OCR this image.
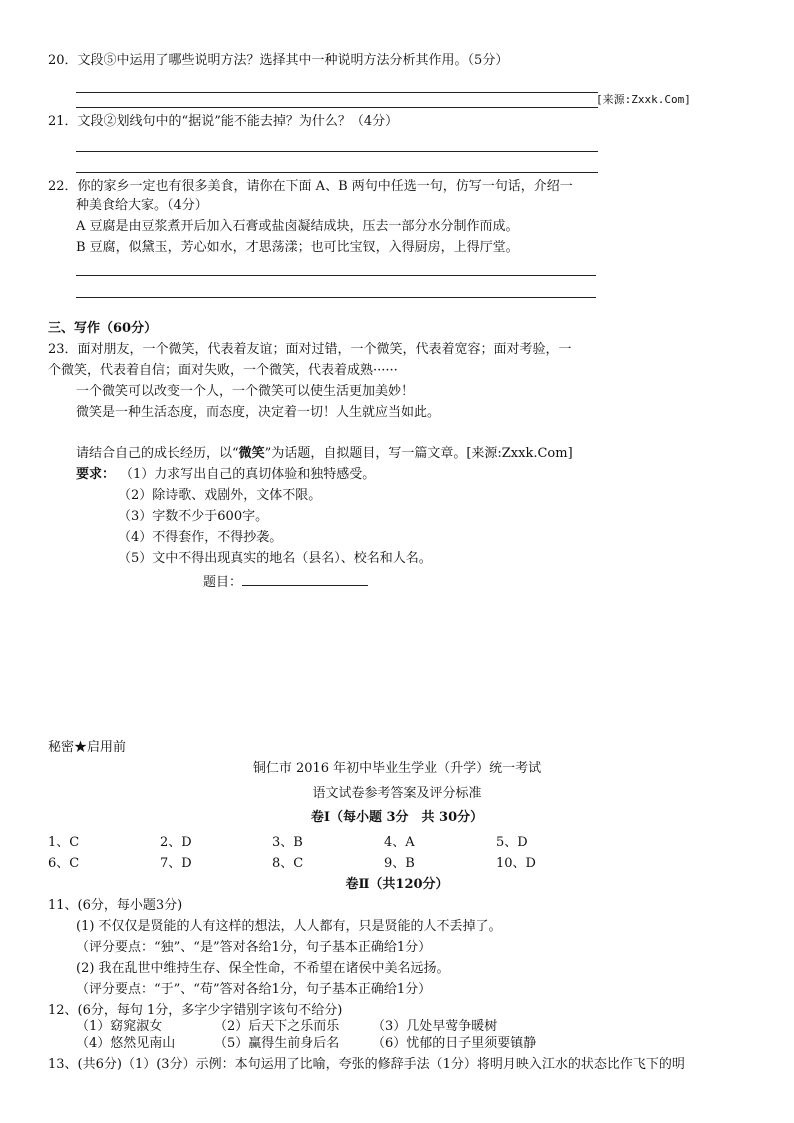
20．文段⑤中运用了哪些说明方法？选择其中一种说明方法分析其作用。（5分）
[来源:Zxxk.Com]
21．文段②划线句中的“据说”能不能去掉？为什么？（4分）
22．你的家乡一定也有很多美食，请你在下面 A、B 两句中任选一句，仿写一句话，介绍一
种美食给大家。（4分）
A 豆腐是由豆浆煮开后加入石膏或盐卤凝结成块，压去一部分水分制作而成。
B 豆腐，似黛玉，芳心如水，才思荡漾；也可比宝钗，入得厨房，上得厅堂。
三、写作（60分）
23．面对朋友，一个微笑，代表着友谊；面对过错，一个微笑，代表着宽容；面对考验，一
个微笑，代表着自信；面对失败，一个微笑，代表着成熟······
一个微笑可以改变一个人，一个微笑可以使生活更加美妙！
微笑是一种生活态度，而态度，决定着一切！人生就应当如此。
请结合自己的成长经历，以“微笑”为话题，自拟题目，写一篇文章。[来源:Zxxk.Com]
要求： （1）力求写出自己的真切体验和独特感受。
（2）除诗歌、戏剧外，文体不限。
（3）字数不少于600字。
（4）不得套作，不得抄袭。
（5）文中不得出现真实的地名（县名）、校名和人名。
题目：
秘密★启用前
铜仁市 2016 年初中毕业生学业（升学）统一考试
语文试卷参考答案及评分标准
卷Ⅰ（每小题 3分　共 30分）
1、C	2、D	3、B	4、A	5、D
6、C	7、D	8、C	9、B	10、D
卷Ⅱ（共120分）
11、(6分，每小题3分)
(1) 不仅仅是贤能的人有这样的想法，人人都有，只是贤能的人不丢掉了。
（评分要点：“独”、“是”答对各给1分，句子基本正确给1分）
(2) 我在乱世中维持生存、保全性命，不希望在诸侯中美名远扬。
（评分要点：“于”、“苟”答对各给1分，句子基本正确给1分）
12、(6分，每句 1分，多字少字错别字该句不给分)
（1）窈窕淑女	（2）后天下之乐而乐	（3）几处早莺争暖树
（4）悠然见南山	（5）赢得生前身后名	（6）忧郁的日子里须要镇静
13、(共6分)（1）(3分）示例：本句运用了比喻，夸张的修辞手法（1分）将明月映入江水的状态比作飞下的明
